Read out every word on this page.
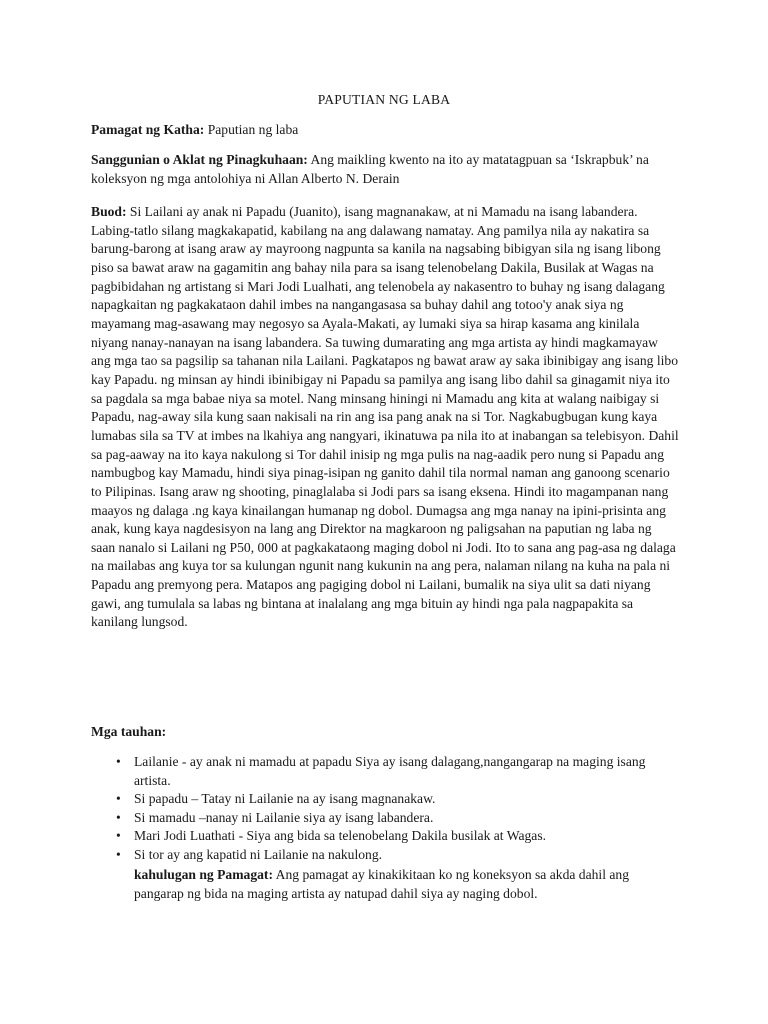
PAPUTIAN NG LABA
Pamagat ng Katha: Paputian ng laba
Sanggunian o Aklat ng Pinagkuhaan: Ang maikling kwento na ito ay matatagpuan sa ‘Iskrapbuk’ na koleksyon ng mga antolohiya ni Allan Alberto N. Derain
Buod: Si Lailani ay anak ni Papadu (Juanito), isang magnanakaw, at ni Mamadu na isang labandera. Labing-tatlo silang magkakapatid, kabilang na ang dalawang namatay. Ang pamilya nila ay nakatira sa barung-barong at isang araw ay mayroong nagpunta sa kanila na nagsabing bibigyan sila ng isang libong piso sa bawat araw na gagamitin ang bahay nila para sa isang telenobelang Dakila, Busilak at Wagas na pagbibidahan ng artistang si Mari Jodi Lualhati, ang telenobela ay nakasentro to buhay ng isang dalagang napagkaitan ng pagkakataon dahil imbes na nangangasasa sa buhay dahil ang totoo'y anak siya ng mayamang mag-asawang may negosyo sa Ayala-Makati, ay lumaki siya sa hirap kasama ang kinilala niyang nanay-nanayan na isang labandera. Sa tuwing dumarating ang mga artista ay hindi magkamayaw ang mga tao sa pagsilip sa tahanan nila Lailani. Pagkatapos ng bawat araw ay saka ibinibigay ang isang libo kay Papadu. ng minsan ay hindi ibinibigay ni Papadu sa pamilya ang isang libo dahil sa ginagamit niya ito sa pagdala sa mga babae niya sa motel. Nang minsang hiningi ni Mamadu ang kita at walang naibigay si Papadu, nag-away sila kung saan nakisali na rin ang isa pang anak na si Tor. Nagkabugbugan kung kaya lumabas sila sa TV at imbes na lkahiya ang nangyari, ikinatuwa pa nila ito at inabangan sa telebisyon. Dahil sa pag-aaway na ito kaya nakulong si Tor dahil inisip ng mga pulis na nag-aadik pero nung si Papadu ang nambugbog kay Mamadu, hindi siya pinag-isipan ng ganito dahil tila normal naman ang ganoong scenario to Pilipinas. Isang araw ng shooting, pinaglalaba si Jodi pars sa isang eksena. Hindi ito magampanan nang maayos ng dalaga .ng kaya kinailangan humanap ng dobol. Dumagsa ang mga nanay na ipini-prisinta ang anak, kung kaya nagdesisyon na lang ang Direktor na magkaroon ng paligsahan na paputian ng laba ng saan nanalo si Lailani ng P50, 000 at pagkakataong maging dobol ni Jodi. Ito to sana ang pag-asa ng dalaga na mailabas ang kuya tor sa kulungan ngunit nang kukunin na ang pera, nalaman nilang na kuha na pala ni Papadu ang premyong pera. Matapos ang pagiging dobol ni Lailani, bumalik na siya ulit sa dati niyang gawi, ang tumulala sa labas ng bintana at inalalang ang mga bituin ay hindi nga pala nagpapakita sa kanilang lungsod.
Mga tauhan:
• Lailanie - ay anak ni mamadu at papadu Siya ay isang dalagang,nangangarap na maging isang artista.
• Si papadu – Tatay ni Lailanie na ay isang magnanakaw.
• Si mamadu –nanay ni Lailanie siya ay isang labandera.
• Mari Jodi Luathati - Siya ang bida sa telenobelang Dakila busilak at Wagas.
• Si tor ay ang kapatid ni Lailanie na nakulong.
kahulugan ng Pamagat: Ang pamagat ay kinakikitaan ko ng koneksyon sa akda dahil ang pangarap ng bida na maging artista ay natupad dahil siya ay naging dobol.
